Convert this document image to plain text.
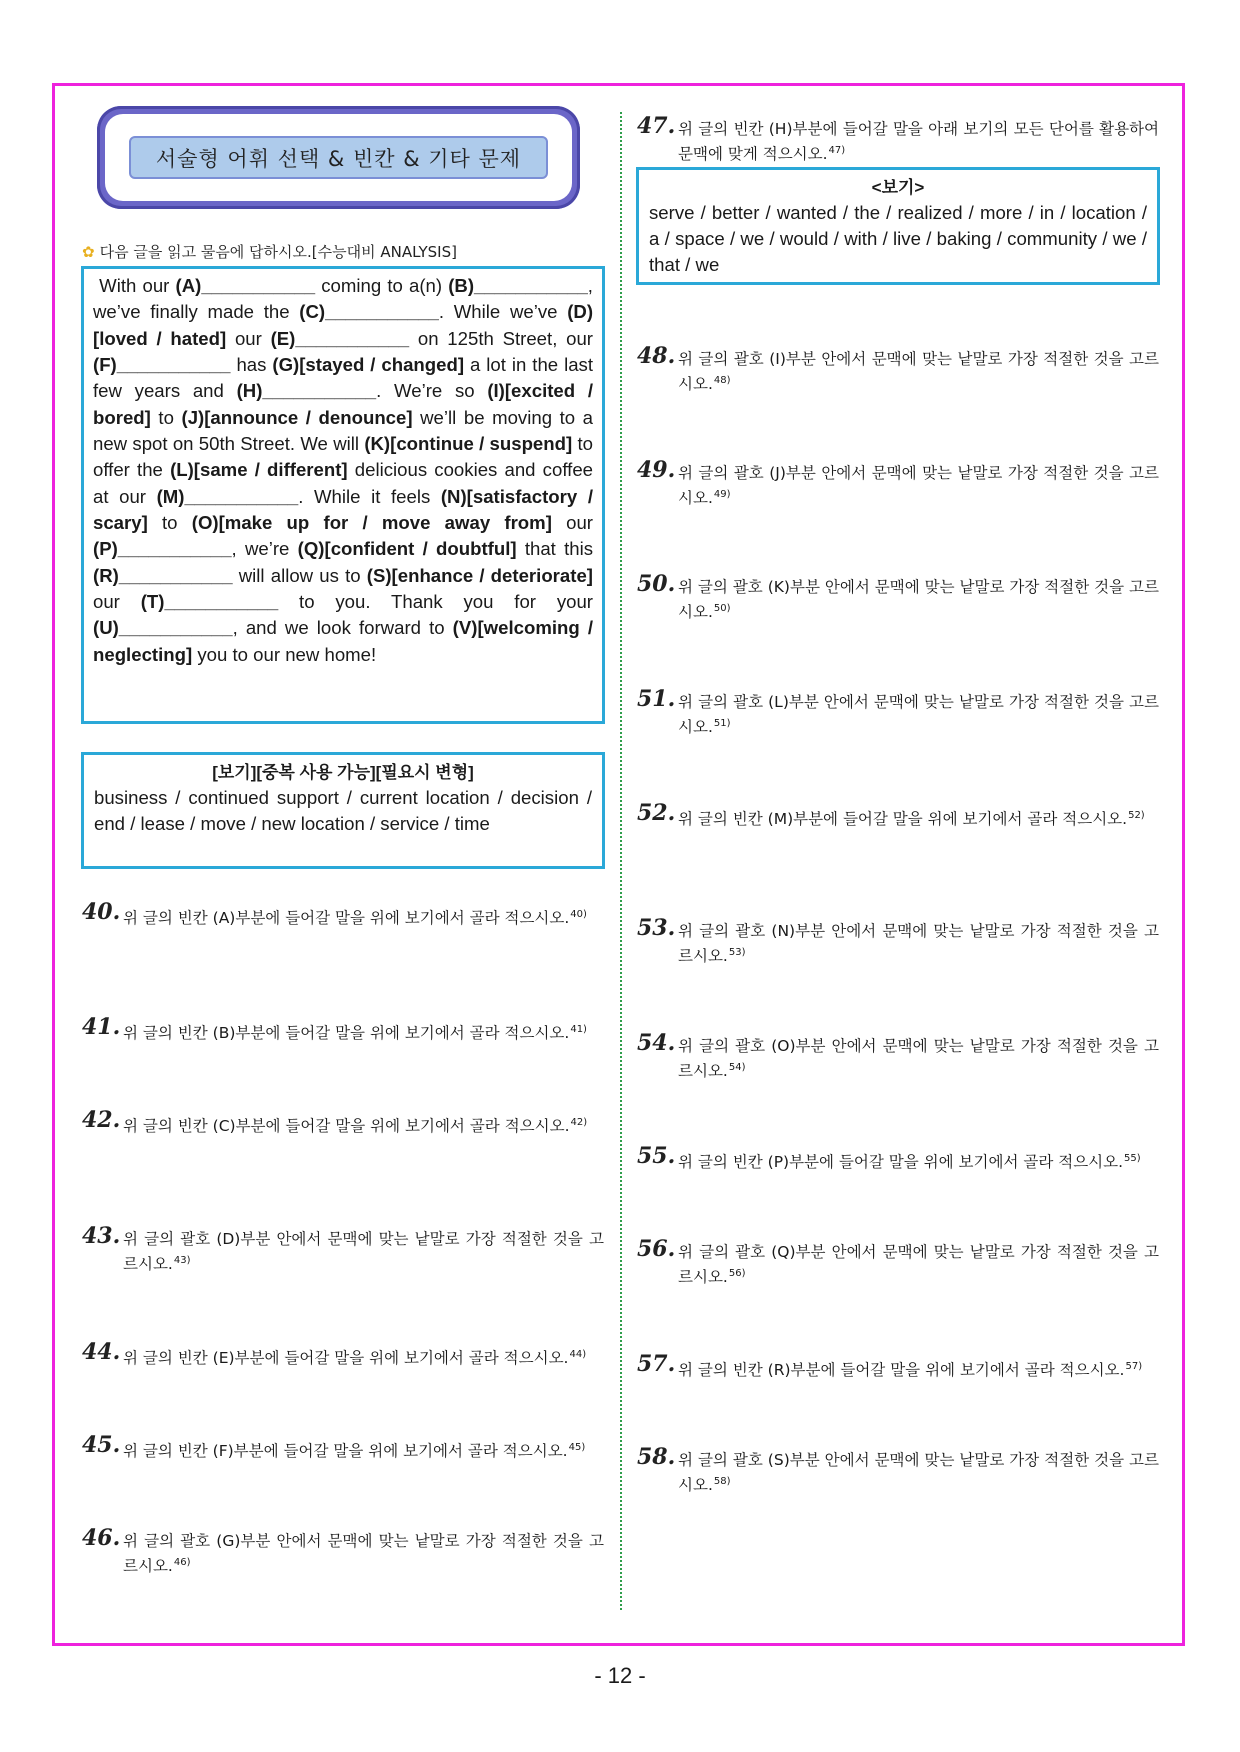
서술형 어휘 선택 & 빈칸 & 기타 문제
✿ 다음 글을 읽고 물음에 답하시오.[수능대비 ANALYSIS]
With our (A)___________ coming to a(n) (B)___________, we’ve finally made the (C)___________. While we’ve (D)[loved / hated] our (E)___________ on 125th Street, our (F)___________ has (G)[stayed / changed] a lot in the last few years and (H)___________. We’re so (I)[excited / bored] to (J)[announce / denounce] we’ll be moving to a new spot on 50th Street. We will (K)[continue / suspend] to offer the (L)[same / different] delicious cookies and coffee at our (M)___________. While it feels (N)[satisfactory / scary] to (O)[make up for / move away from] our (P)___________, we’re (Q)[confident / doubtful] that this (R)___________ will allow us to (S)[enhance / deteriorate] our (T)___________ to you. Thank you for your (U)___________, and we look forward to (V)[welcoming / neglecting] you to our new home!
[보기][중복 사용 가능][필요시 변형]
business / continued support / current location / decision / end / lease / move / new location / service / time
<보기>
serve / better / wanted / the / realized / more / in / location / a / space / we / would / with / live / baking / community / we / that / we
40. 위 글의 빈칸 (A)부분에 들어갈 말을 위에 보기에서 골라 적으시오.$^{40)}$
41. 위 글의 빈칸 (B)부분에 들어갈 말을 위에 보기에서 골라 적으시오.$^{41)}$
42. 위 글의 빈칸 (C)부분에 들어갈 말을 위에 보기에서 골라 적으시오.$^{42)}$
43. 위 글의 괄호 (D)부분 안에서 문맥에 맞는 낱말로 가장 적절한 것을 고르시오.$^{43)}$
44. 위 글의 빈칸 (E)부분에 들어갈 말을 위에 보기에서 골라 적으시오.$^{44)}$
45. 위 글의 빈칸 (F)부분에 들어갈 말을 위에 보기에서 골라 적으시오.$^{45)}$
46. 위 글의 괄호 (G)부분 안에서 문맥에 맞는 낱말로 가장 적절한 것을 고르시오.$^{46)}$
47. 위 글의 빈칸 (H)부분에 들어갈 말을 아래 보기의 모든 단어를 활용하여 문맥에 맞게 적으시오.$^{47)}$
48. 위 글의 괄호 (I)부분 안에서 문맥에 맞는 낱말로 가장 적절한 것을 고르시오.$^{48)}$
49. 위 글의 괄호 (J)부분 안에서 문맥에 맞는 낱말로 가장 적절한 것을 고르시오.$^{49)}$
50. 위 글의 괄호 (K)부분 안에서 문맥에 맞는 낱말로 가장 적절한 것을 고르시오.$^{50)}$
51. 위 글의 괄호 (L)부분 안에서 문맥에 맞는 낱말로 가장 적절한 것을 고르시오.$^{51)}$
52. 위 글의 빈칸 (M)부분에 들어갈 말을 위에 보기에서 골라 적으시오.$^{52)}$
53. 위 글의 괄호 (N)부분 안에서 문맥에 맞는 낱말로 가장 적절한 것을 고르시오.$^{53)}$
54. 위 글의 괄호 (O)부분 안에서 문맥에 맞는 낱말로 가장 적절한 것을 고르시오.$^{54)}$
55. 위 글의 빈칸 (P)부분에 들어갈 말을 위에 보기에서 골라 적으시오.$^{55)}$
56. 위 글의 괄호 (Q)부분 안에서 문맥에 맞는 낱말로 가장 적절한 것을 고르시오.$^{56)}$
57. 위 글의 빈칸 (R)부분에 들어갈 말을 위에 보기에서 골라 적으시오.$^{57)}$
58. 위 글의 괄호 (S)부분 안에서 문맥에 맞는 낱말로 가장 적절한 것을 고르시오.$^{58)}$
- 12 -
